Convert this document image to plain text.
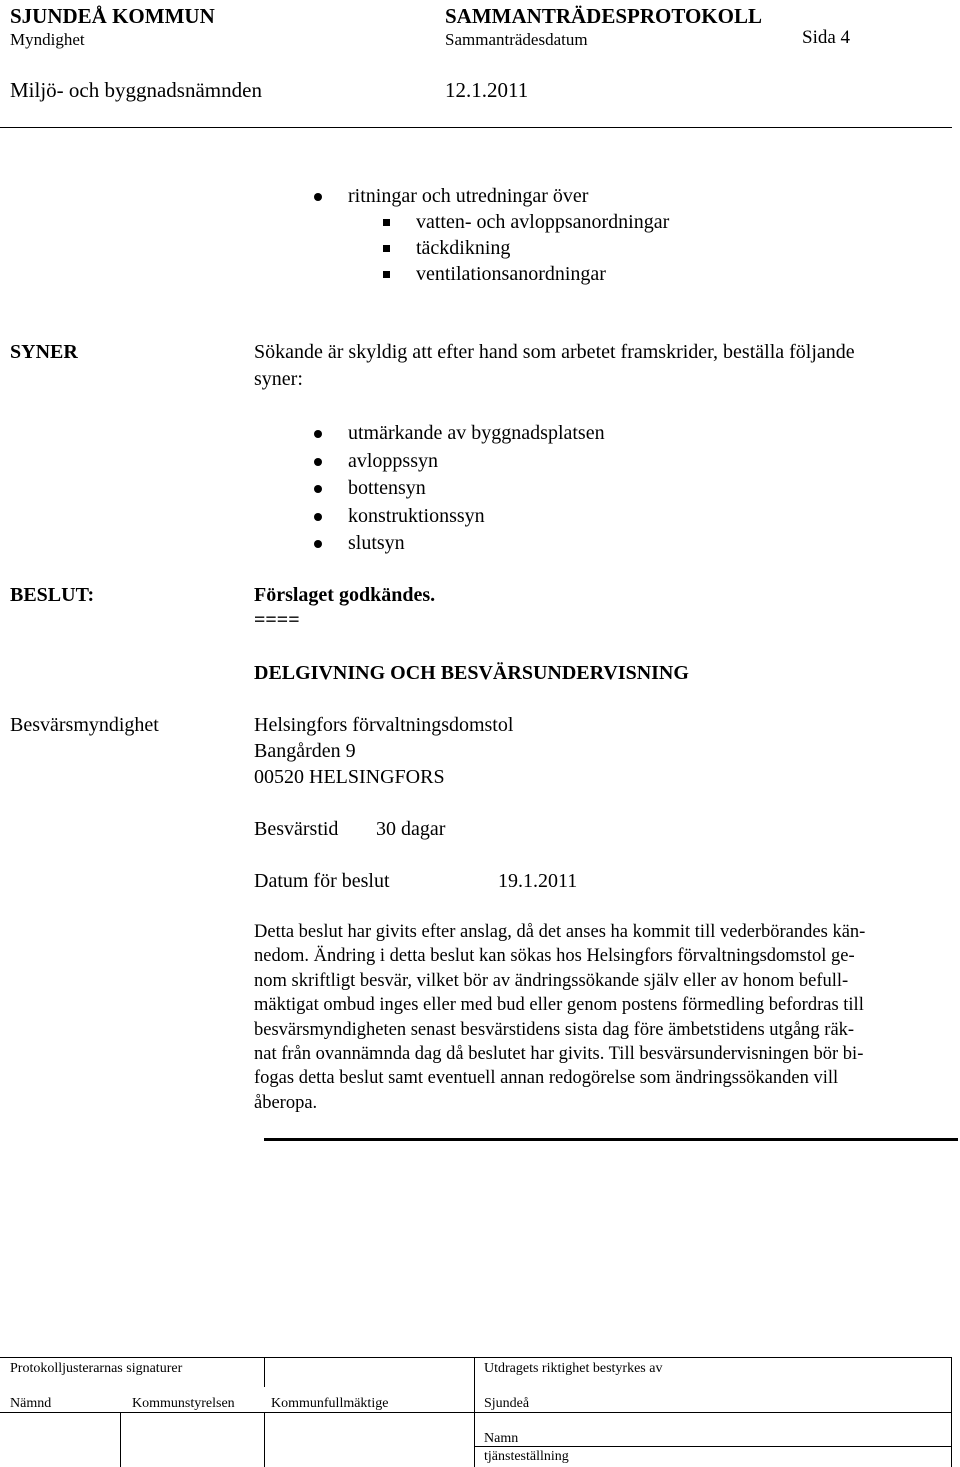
SJUNDEÅ KOMMUN	SAMMANTRÄDESPROTOKOLL
Myndighet	Sammanträdesdatum	Sida 4
Miljö- och byggnadsnämnden	12.1.2011
ritningar och utredningar över
vatten- och avloppsanordningar
täckdikning
ventilationsanordningar
SYNER	Sökande är skyldig att efter hand som arbetet framskrider, beställa följande
syner:
utmärkande av byggnadsplatsen
avloppssyn
bottensyn
konstruktionssyn
slutsyn
BESLUT:	Förslaget godkändes.
====
DELGIVNING OCH BESVÄRSUNDERVISNING
Besvärsmyndighet	Helsingfors förvaltningsdomstol
Bangården 9
00520 HELSINGFORS
Besvärstid 30 dagar
Datum för beslut	19.1.2011
Detta beslut har givits efter anslag, då det anses ha kommit till vederbörandes kän-
nedom. Ändring i detta beslut kan sökas hos Helsingfors förvaltningsdomstol ge-
nom skriftligt besvär, vilket bör av ändringssökande själv eller av honom befull-
mäktigat ombud inges eller med bud eller genom postens förmedling befordras till
besvärsmyndigheten senast besvärstidens sista dag före ämbetstidens utgång räk-
nat från ovannämnda dag då beslutet har givits. Till besvärsundervisningen bör bi-
fogas detta beslut samt eventuell annan redogörelse som ändringssökanden vill
åberopa.
Protokolljusterarnas signaturer	Utdragets riktighet bestyrkes av
Nämnd	Kommunstyrelsen	Kommunfullmäktige	Sjundeå
Namn
tjänsteställning
